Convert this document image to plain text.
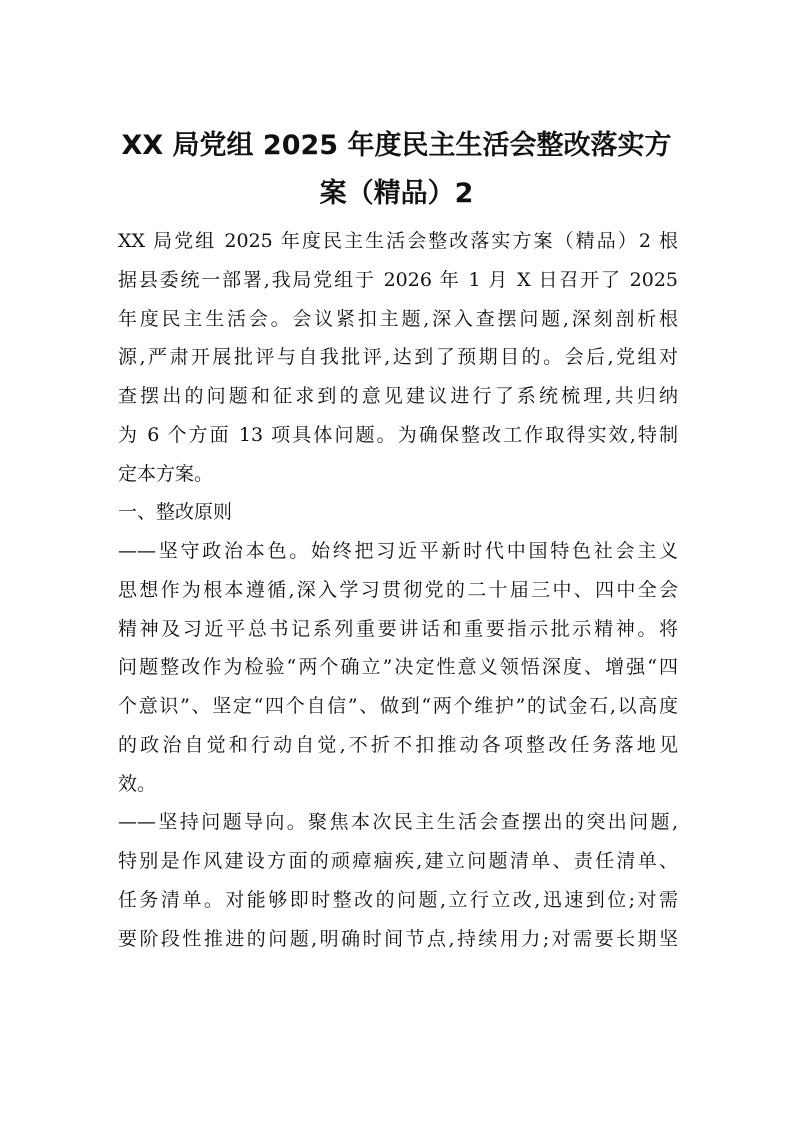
XX 局党组 2025 年度民主生活会整改落实方
案（精品）2
XX 局党组 2025 年度民主生活会整改落实方案（精品）2 根
据县委统一部署,我局党组于 2026 年 1 月 X 日召开了 2025
年度民主生活会。会议紧扣主题,深入查摆问题,深刻剖析根
源,严肃开展批评与自我批评,达到了预期目的。会后,党组对
查摆出的问题和征求到的意见建议进行了系统梳理,共归纳
为 6 个方面 13 项具体问题。为确保整改工作取得实效,特制
定本方案。
一、整改原则
——坚守政治本色。始终把习近平新时代中国特色社会主义
思想作为根本遵循,深入学习贯彻党的二十届三中、四中全会
精神及习近平总书记系列重要讲话和重要指示批示精神。将
问题整改作为检验“两个确立”决定性意义领悟深度、增强“四
个意识”、坚定“四个自信”、做到“两个维护”的试金石,以高度
的政治自觉和行动自觉,不折不扣推动各项整改任务落地见
效。
——坚持问题导向。聚焦本次民主生活会查摆出的突出问题,
特别是作风建设方面的顽瘴痼疾,建立问题清单、责任清单、
任务清单。对能够即时整改的问题,立行立改,迅速到位;对需
要阶段性推进的问题,明确时间节点,持续用力;对需要长期坚
